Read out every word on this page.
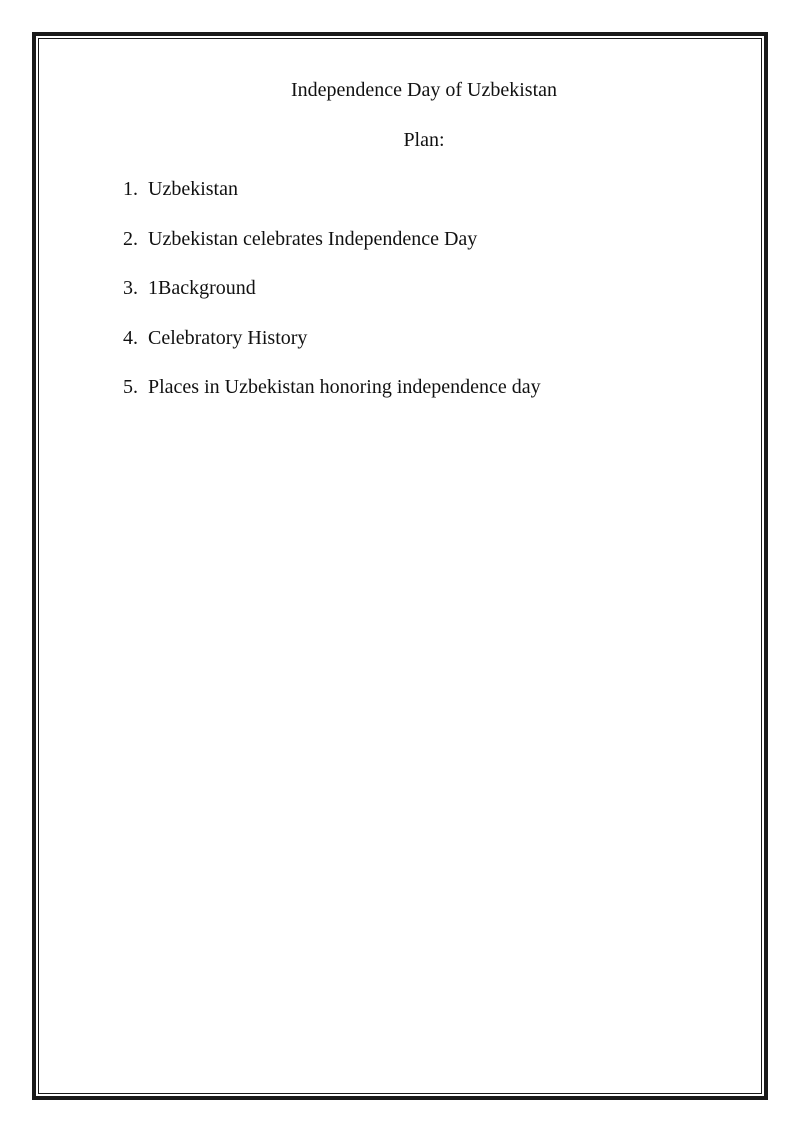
Independence Day of Uzbekistan
Plan:
1. Uzbekistan
2. Uzbekistan celebrates Independence Day
3. 1Background
4. Celebratory History
5. Places in Uzbekistan honoring independence day
